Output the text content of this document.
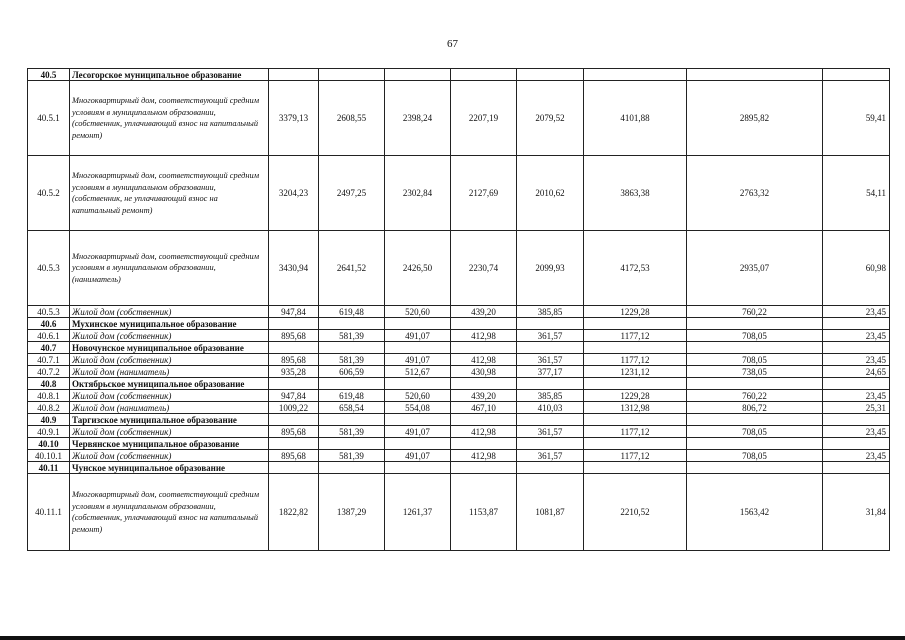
67
40.5	Лесогорское муниципальное образование								
40.5.1	Многоквартирный дом, соответствующий средним условиям в муниципальном образовании, (собственник, уплачивающий взнос на капитальный ремонт)	3379,13	2608,55	2398,24	2207,19	2079,52	4101,88	2895,82	59,41
40.5.2	Многоквартирный дом, соответствующий средним условиям в муниципальном образовании, (собственник, не уплачивающий взнос на капитальный ремонт)	3204,23	2497,25	2302,84	2127,69	2010,62	3863,38	2763,32	54,11
40.5.3	Многоквартирный дом, соответствующий средним условиям в муниципальном образовании, (наниматель)	3430,94	2641,52	2426,50	2230,74	2099,93	4172,53	2935,07	60,98
40.5.3	Жилой дом (собственник)	947,84	619,48	520,60	439,20	385,85	1229,28	760,22	23,45
40.6	Мухинское муниципальное образование								
40.6.1	Жилой дом (собственник)	895,68	581,39	491,07	412,98	361,57	1177,12	708,05	23,45
40.7	Новочунское муниципальное образование								
40.7.1	Жилой дом (собственник)	895,68	581,39	491,07	412,98	361,57	1177,12	708,05	23,45
40.7.2	Жилой дом (наниматель)	935,28	606,59	512,67	430,98	377,17	1231,12	738,05	24,65
40.8	Октябрьское муниципальное образование								
40.8.1	Жилой дом (собственник)	947,84	619,48	520,60	439,20	385,85	1229,28	760,22	23,45
40.8.2	Жилой дом (наниматель)	1009,22	658,54	554,08	467,10	410,03	1312,98	806,72	25,31
40.9	Таргизское муниципальное образование								
40.9.1	Жилой дом (собственник)	895,68	581,39	491,07	412,98	361,57	1177,12	708,05	23,45
40.10	Червянское муниципальное образование								
40.10.1	Жилой дом (собственник)	895,68	581,39	491,07	412,98	361,57	1177,12	708,05	23,45
40.11	Чунское муниципальное образование								
40.11.1	Многоквартирный дом, соответствующий средним условиям в муниципальном образовании, (собственник, уплачивающий взнос на капитальный ремонт)	1822,82	1387,29	1261,37	1153,87	1081,87	2210,52	1563,42	31,84
